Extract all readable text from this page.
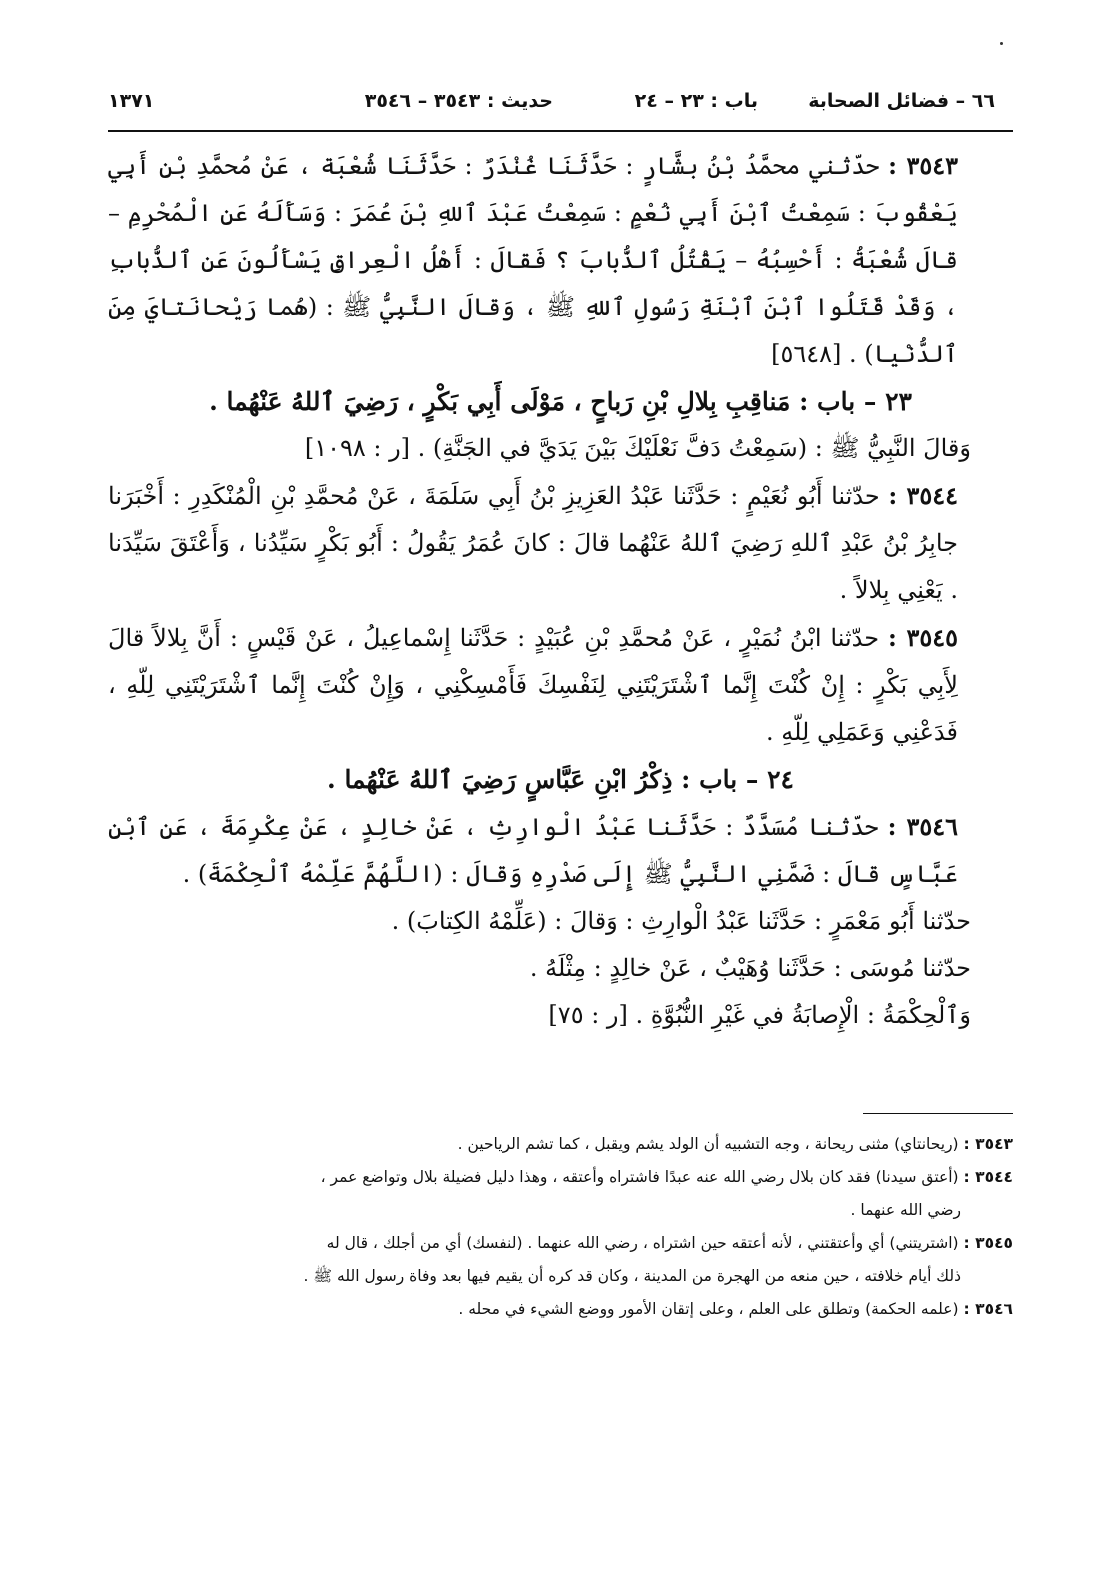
٦٦ – فضائل الصحابة
باب : ٢٣ – ٢٤
حديث : ٣٥٤٣ – ٣٥٤٦
١٣٧١

٣٥٤٣ : حدّثني محمَّدُ بْنُ بشَّارٍ : حَدَّثَنَا غُنْدَرٌ : حَدَّثَنَا شُعْبَة ، عَنْ مُحمَّدِ بْنِ أَبِي يَعْقُوبَ : سَمِعْتُ ٱبْنَ أَبِي نُعْمٍ : سَمِعْتُ عَبْدَ ٱللهِ بْنَ عُمَرَ : وَسَأَلَهُ عَنِ الْمُحْرِمِ – قالَ شُعْبَةُ : أَحْسِبُهُ – يَقْتُلُ ٱلذُّبابَ ؟ فَقالَ : أَهْلُ الْعِراقِ يَسْأَلُونَ عَنِ ٱلذُّبابِ ، وَقَدْ قَتَلُوا ٱبْنَ ٱبْنَةِ رَسُولِ ٱللهِ ﷺ ، وَقالَ النَّبِيُّ ﷺ : (هُما رَيْحانَتايَ مِنَ ٱلدُّنْيا) . [٥٦٤٨]

٢٣ – باب : مَناقِبِ بِلالِ بْنِ رَباحٍ ، مَوْلَى أَبِي بَكْرٍ ، رَضِيَ ٱللهُ عَنْهُما .

وَقالَ النَّبِيُّ ﷺ : (سَمِعْتُ دَفَّ نَعْلَيْكَ بَيْنَ يَدَيَّ في الجَنَّةِ) . [ر : ١٠٩٨]

٣٥٤٤ : حدّثنا أَبُو نُعَيْمٍ : حَدَّثَنا عَبْدُ العَزِيزِ بْنُ أَبِي سَلَمَةَ ، عَنْ مُحمَّدِ بْنِ الْمُنْكَدِرِ : أَخْبَرَنا جابِرُ بْنُ عَبْدِ ٱللهِ رَضِيَ ٱللهُ عَنْهُما قالَ : كانَ عُمَرُ يَقُولُ : أَبُو بَكْرٍ سَيِّدُنا ، وَأَعْتَقَ سَيِّدَنا . يَعْنِي بِلالاً .

٣٥٤٥ : حدّثنا ابْنُ نُمَيْرٍ ، عَنْ مُحمَّدِ بْنِ عُبَيْدٍ : حَدَّثَنا إِسْماعِيلُ ، عَنْ قَيْسٍ : أَنَّ بِلالاً قالَ لِأَبِي بَكْرٍ : إِنْ كُنْتَ إِنَّما ٱشْتَرَيْتَنِي لِنَفْسِكَ فَأَمْسِكْنِي ، وَإِنْ كُنْتَ إِنَّما ٱشْتَرَيْتَنِي لِلّهِ ، فَدَعْنِي وَعَمَلِي لِلّهِ .

٢٤ – باب : ذِكْرُ ابْنِ عَبَّاسٍ رَضِيَ ٱللهُ عَنْهُما .

٣٥٤٦ : حدّثنا مُسَدَّدٌ : حَدَّثَنا عَبْدُ الْوارِثِ ، عَنْ خالِدٍ ، عَنْ عِكْرِمَةَ ، عَنِ ٱبْنِ عَبَّاسٍ قالَ : ضَمَّنِي النَّبِيُّ ﷺ إِلَى صَدْرِهِ وَقالَ : (اللَّهُمَّ عَلِّمْهُ ٱلْحِكْمَةَ) .

حدّثنا أَبُو مَعْمَرٍ : حَدَّثَنا عَبْدُ الْوارِثِ : وَقالَ : (عَلِّمْهُ الكِتابَ) .

حدّثنا مُوسَى : حَدَّثَنا وُهَيْبٌ ، عَنْ خالِدٍ : مِثْلَهُ .

وَٱلْحِكْمَةُ : الْإِصابَةُ في غَيْرِ النُّبُوَّةِ . [ر : ٧٥]

٣٥٤٣ : (ريحانتاي) مثنى ريحانة ، وجه التشبيه أن الولد يشم ويقبل ، كما تشم الرياحين .

٣٥٤٤ : (أعتق سيدنا) فقد كان بلال رضي الله عنه عبدًا فاشتراه وأعتقه ، وهذا دليل فضيلة بلال وتواضع عمر ،

رضي الله عنهما .

٣٥٤٥ : (اشتريتني) أي وأعتقتني ، لأنه أعتقه حين اشتراه ، رضي الله عنهما . (لنفسك) أي من أجلك ، قال له

ذلك أيام خلافته ، حين منعه من الهجرة من المدينة ، وكان قد كره أن يقيم فيها بعد وفاة رسول الله ﷺ .

٣٥٤٦ : (علمه الحكمة) وتطلق على العلم ، وعلى إتقان الأمور ووضع الشيء في محله .
